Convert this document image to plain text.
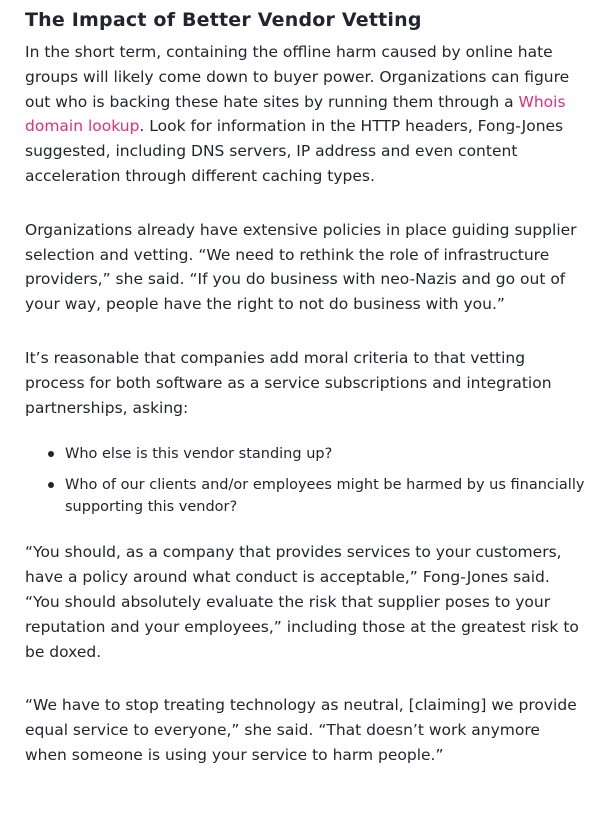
The Impact of Better Vendor Vetting

In the short term, containing the offline harm caused by online hate groups will likely come down to buyer power. Organizations can figure out who is backing these hate sites by running them through a Whois domain lookup. Look for information in the HTTP headers, Fong-Jones suggested, including DNS servers, IP address and even content acceleration through different caching types.

Organizations already have extensive policies in place guiding supplier selection and vetting. “We need to rethink the role of infrastructure providers,” she said. “If you do business with neo-Nazis and go out of your way, people have the right to not do business with you.”

It’s reasonable that companies add moral criteria to that vetting process for both software as a service subscriptions and integration partnerships, asking:

Who else is this vendor standing up?
Who of our clients and/or employees might be harmed by us financially supporting this vendor?

“You should, as a company that provides services to your customers, have a policy around what conduct is acceptable,” Fong-Jones said. “You should absolutely evaluate the risk that supplier poses to your reputation and your employees,” including those at the greatest risk to be doxed.

“We have to stop treating technology as neutral, [claiming] we provide equal service to everyone,” she said. “That doesn’t work anymore when someone is using your service to harm people.”
